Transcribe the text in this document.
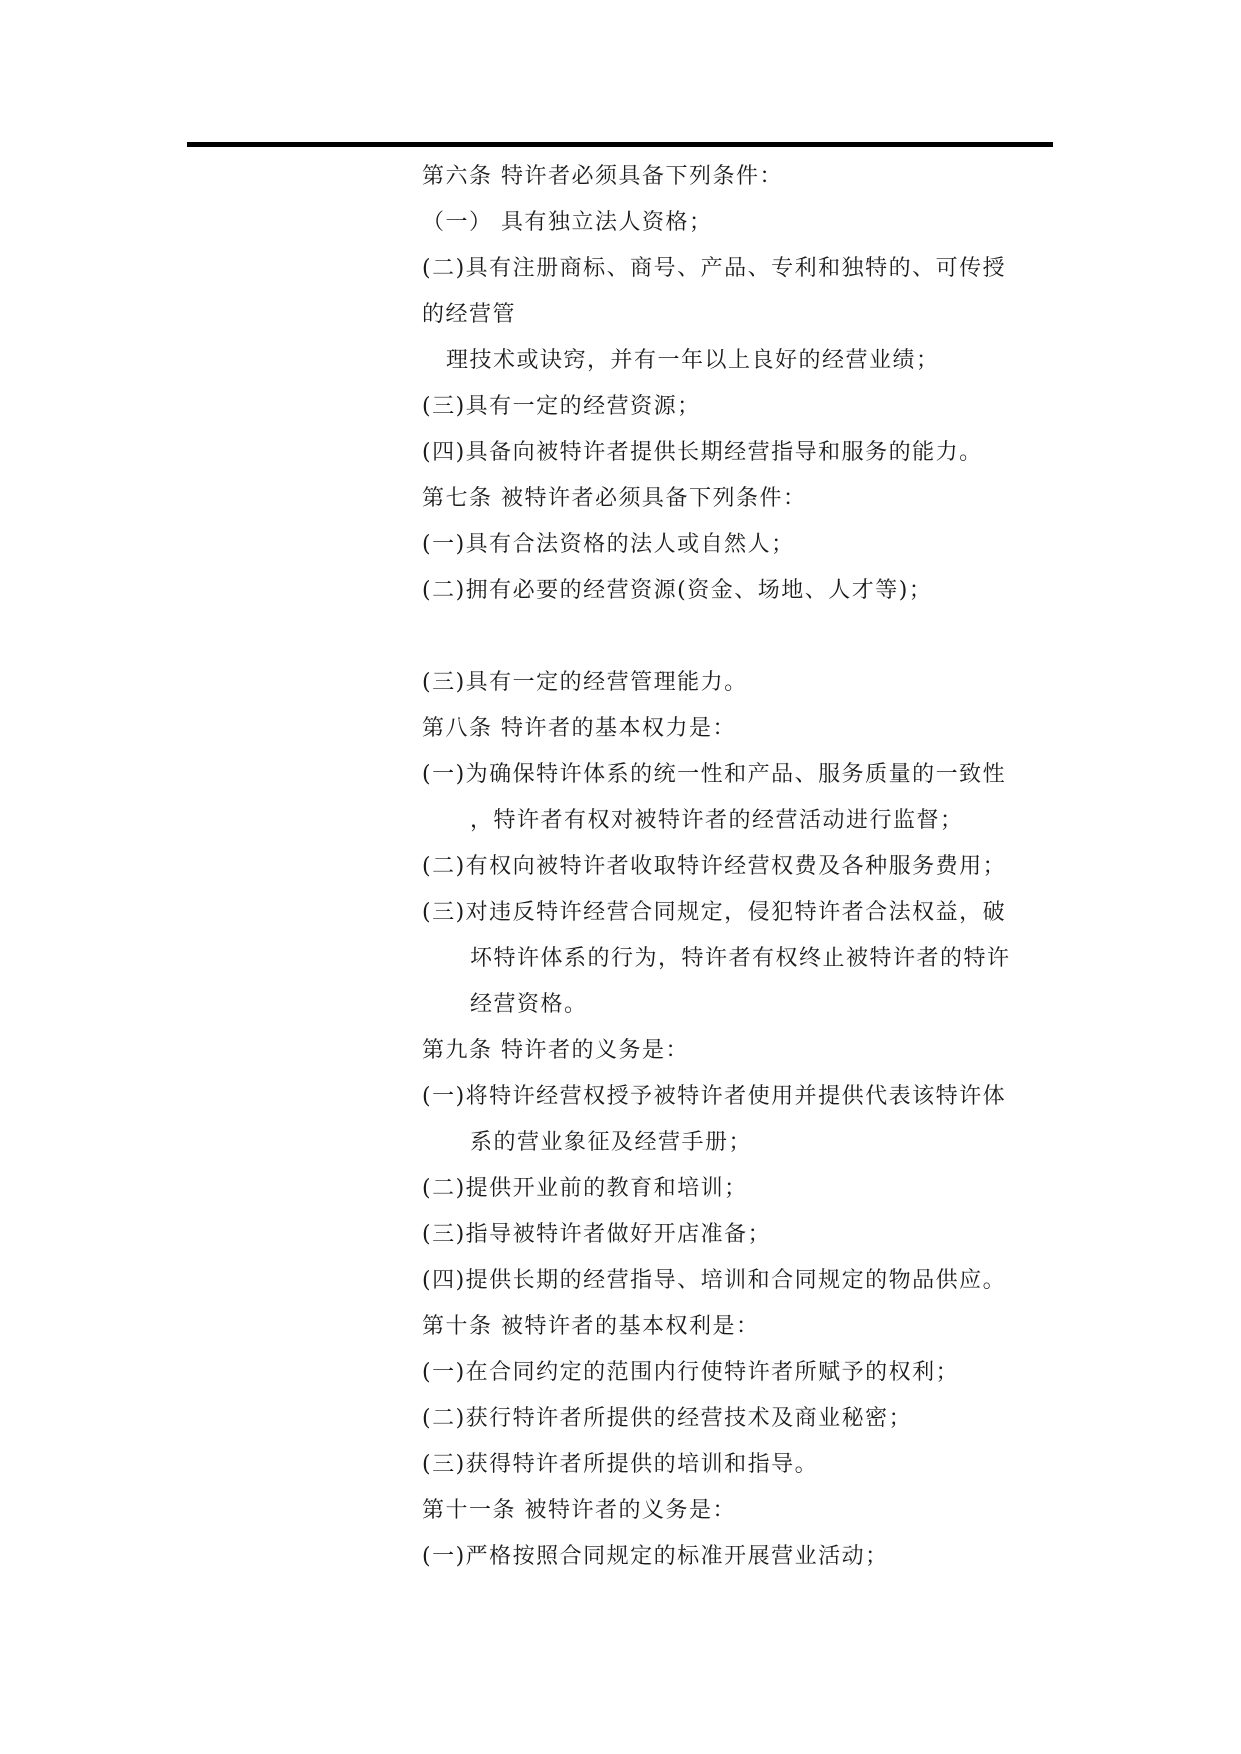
第六条 特许者必须具备下列条件：
（一） 具有独立法人资格；
(二)具有注册商标、商号、产品、专利和独特的、可传授
的经营管
理技术或诀窍，并有一年以上良好的经营业绩；
(三)具有一定的经营资源；
(四)具备向被特许者提供长期经营指导和服务的能力。
第七条 被特许者必须具备下列条件：
(一)具有合法资格的法人或自然人；
(二)拥有必要的经营资源(资金、场地、人才等)；
(三)具有一定的经营管理能力。
第八条 特许者的基本权力是：
(一)为确保特许体系的统一性和产品、服务质量的一致性
，特许者有权对被特许者的经营活动进行监督；
(二)有权向被特许者收取特许经营权费及各种服务费用；
(三)对违反特许经营合同规定，侵犯特许者合法权益，破
坏特许体系的行为，特许者有权终止被特许者的特许
经营资格。
第九条 特许者的义务是：
(一)将特许经营权授予被特许者使用并提供代表该特许体
系的营业象征及经营手册；
(二)提供开业前的教育和培训；
(三)指导被特许者做好开店准备；
(四)提供长期的经营指导、培训和合同规定的物品供应。
第十条 被特许者的基本权利是：
(一)在合同约定的范围内行使特许者所赋予的权利；
(二)获行特许者所提供的经营技术及商业秘密；
(三)获得特许者所提供的培训和指导。
第十一条 被特许者的义务是：
(一)严格按照合同规定的标准开展营业活动；
